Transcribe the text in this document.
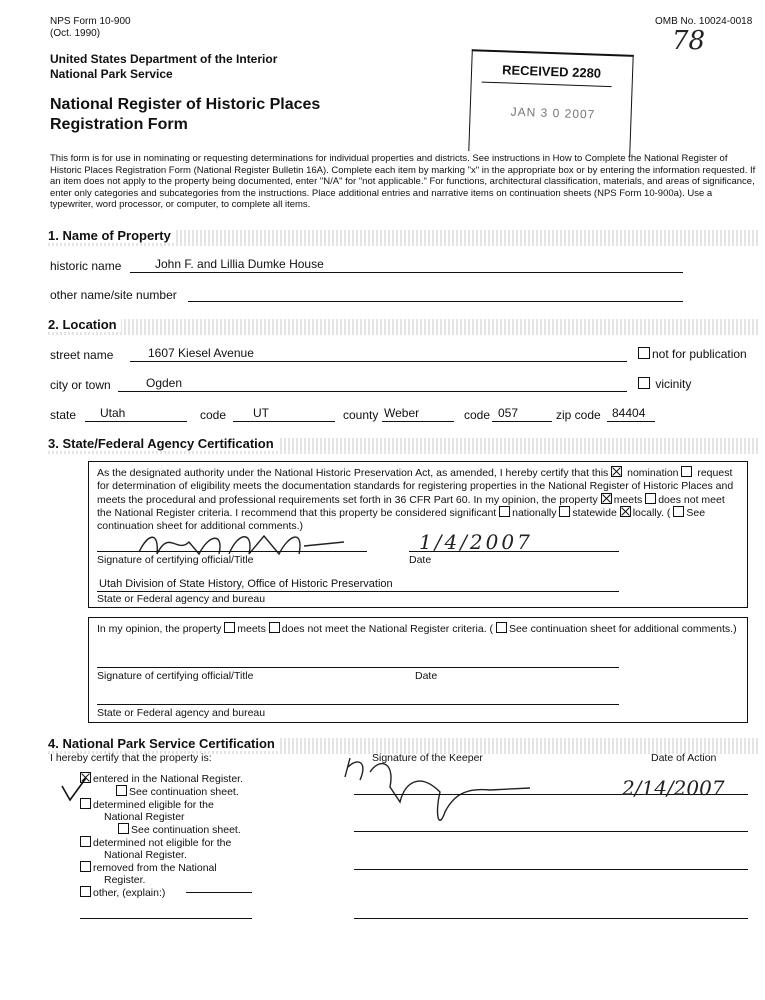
NPS Form 10-900
(Oct. 1990)
OMB No. 10024-0018
78
United States Department of the Interior
National Park Service
National Register of Historic Places
Registration Form
RECEIVED 2280
JAN 3 0 2007
This form is for use in nominating or requesting determinations for individual properties and districts. See instructions in How to Complete the National Register of Historic Places Registration Form (National Register Bulletin 16A). Complete each item by marking "x" in the appropriate box or by entering the information requested. If an item does not apply to the property being documented, enter "N/A" for "not applicable." For functions, architectural classification, materials, and areas of significance, enter only categories and subcategories from the instructions. Place additional entries and narrative items on continuation sheets (NPS Form 10-900a). Use a typewriter, word processor, or computer, to complete all items.
1. Name of Property
historic name	John F. and Lillia Dumke House
other name/site number
2. Location
street name	1607 Kiesel Avenue	not for publication
city or town	Ogden	vicinity
state Utah	code UT	county Weber	code 057	zip code 84404
3. State/Federal Agency Certification
As the designated authority under the National Historic Preservation Act, as amended, I hereby certify that this nomination request for determination of eligibility meets the documentation standards for registering properties in the National Register of Historic Places and meets the procedural and professional requirements set forth in 36 CFR Part 60. In my opinion, the property meets does not meet the National Register criteria. I recommend that this property be considered significant nationally statewide locally. ( See continuation sheet for additional comments.)
Signature of certifying official/Title
1/4/2007
Date
Utah Division of State History, Office of Historic Preservation
State or Federal agency and bureau
In my opinion, the property meets does not meet the National Register criteria. ( See continuation sheet for additional comments.)
Signature of certifying official/Title	Date
State or Federal agency and bureau
4. National Park Service Certification
I hereby certify that the property is:	Signature of the Keeper	Date of Action
2/14/2007
entered in the National Register.
See continuation sheet.
determined eligible for the
National Register
See continuation sheet.
determined not eligible for the
National Register.
removed from the National
Register.
other, (explain:)
